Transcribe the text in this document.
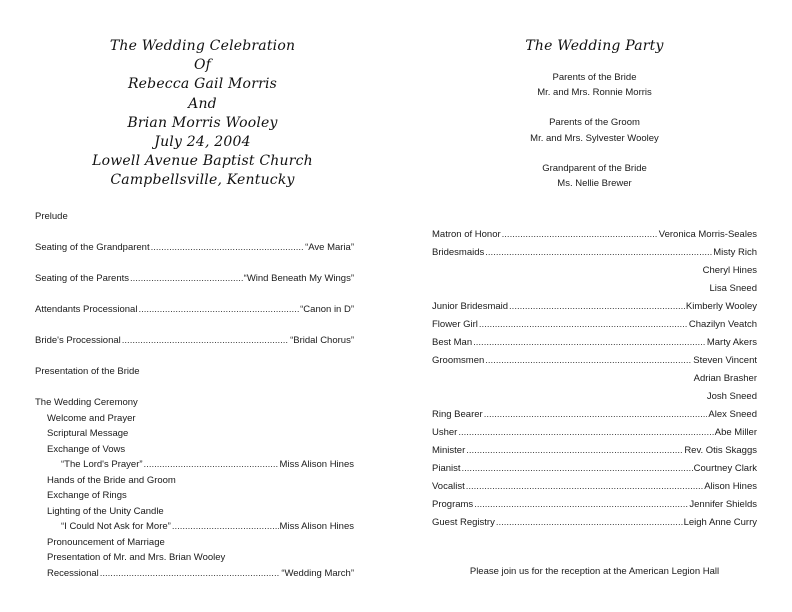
The Wedding Celebration
Of
Rebecca Gail Morris
And
Brian Morris Wooley
July 24, 2004
Lowell Avenue Baptist Church
Campbellsville, Kentucky
Prelude
Seating of the Grandparent .....	“Ave Maria”
Seating of the Parents .....	“Wind Beneath My Wings”
Attendants Processional .....	“Canon in D”
Bride's Processional .....	“Bridal Chorus”
Presentation of the Bride
The Wedding Ceremony
Welcome and Prayer
Scriptural Message
Exchange of Vows
“The Lord's Prayer” .....	Miss Alison Hines
Hands of the Bride and Groom
Exchange of Rings
Lighting of the Unity Candle
“I Could Not Ask for More” .....	Miss Alison Hines
Pronouncement of Marriage
Presentation of Mr. and Mrs. Brian Wooley
Recessional .....	“Wedding March”
The Wedding Party
Parents of the Bride
Mr. and Mrs. Ronnie Morris
Parents of the Groom
Mr. and Mrs. Sylvester Wooley
Grandparent of the Bride
Ms. Nellie Brewer
Matron of Honor .....	Veronica Morris-Seales
Bridesmaids .....	Misty Rich
Cheryl Hines
Lisa Sneed
Junior Bridesmaid .....	Kimberly Wooley
Flower Girl .....	Chazilyn Veatch
Best Man .....	Marty Akers
Groomsmen .....	Steven Vincent
Adrian Brasher
Josh Sneed
Ring Bearer .....	Alex Sneed
Usher .....	Abe Miller
Minister .....	Rev. Otis Skaggs
Pianist .....	Courtney Clark
Vocalist .....	Alison Hines
Programs .....	Jennifer Shields
Guest Registry .....	Leigh Anne Curry
Please join us for the reception at the American Legion Hall
